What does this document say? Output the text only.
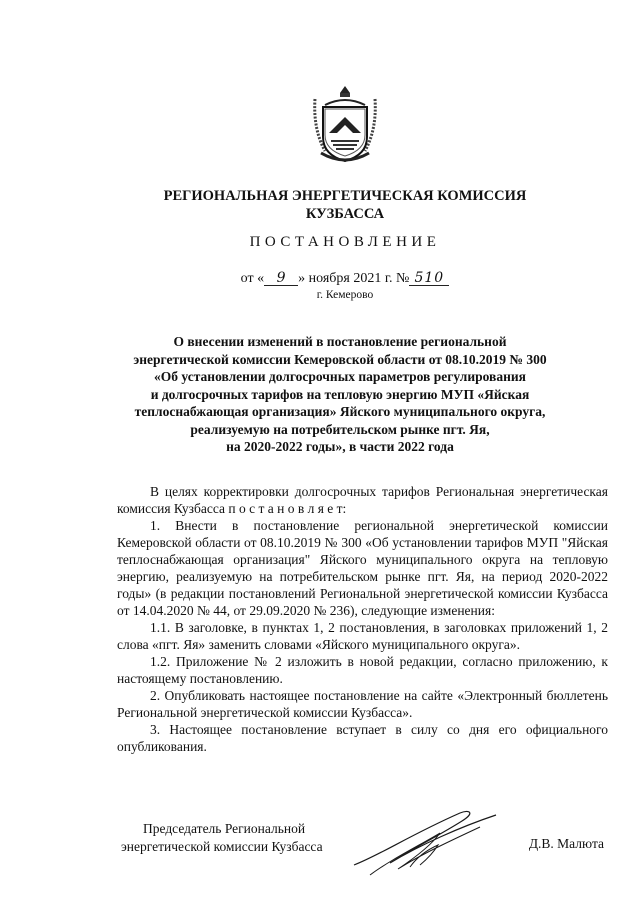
РЕГИОНАЛЬНАЯ ЭНЕРГЕТИЧЕСКАЯ КОМИССИЯ
КУЗБАССА
ПОСТАНОВЛЕНИЕ
от « 9 » ноября 2021 г. № 510
г. Кемерово
О внесении изменений в постановление региональной
энергетической комиссии Кемеровской области от 08.10.2019 № 300
«Об установлении долгосрочных параметров регулирования
и долгосрочных тарифов на тепловую энергию МУП «Яйская
теплоснабжающая организация» Яйского муниципального округа,
реализуемую на потребительском рынке пгт. Яя,
на 2020-2022 годы», в части 2022 года

В целях корректировки долгосрочных тарифов Региональная энергетическая комиссия Кузбасса п о с т а н о в л я е т:

1. Внести в постановление региональной энергетической комиссии Кемеровской области от 08.10.2019 № 300 «Об установлении тарифов МУП "Яйская теплоснабжающая организация" Яйского муниципального округа на тепловую энергию, реализуемую на потребительском рынке пгт. Яя, на период 2020-2022 годы» (в редакции постановлений Региональной энергетической комиссии Кузбасса от 14.04.2020 № 44, от 29.09.2020 № 236), следующие изменения:

1.1. В заголовке, в пунктах 1, 2 постановления, в заголовках приложений 1, 2 слова «пгт. Яя» заменить словами «Яйского муниципального округа».

1.2. Приложение № 2 изложить в новой редакции, согласно приложению, к настоящему постановлению.

2. Опубликовать настоящее постановление на сайте «Электронный бюллетень Региональной энергетической комиссии Кузбасса».

3. Настоящее постановление вступает в силу со дня его официального опубликования.

Председатель Региональной
энергетической комиссии Кузбасса	Д.В. Малюта
